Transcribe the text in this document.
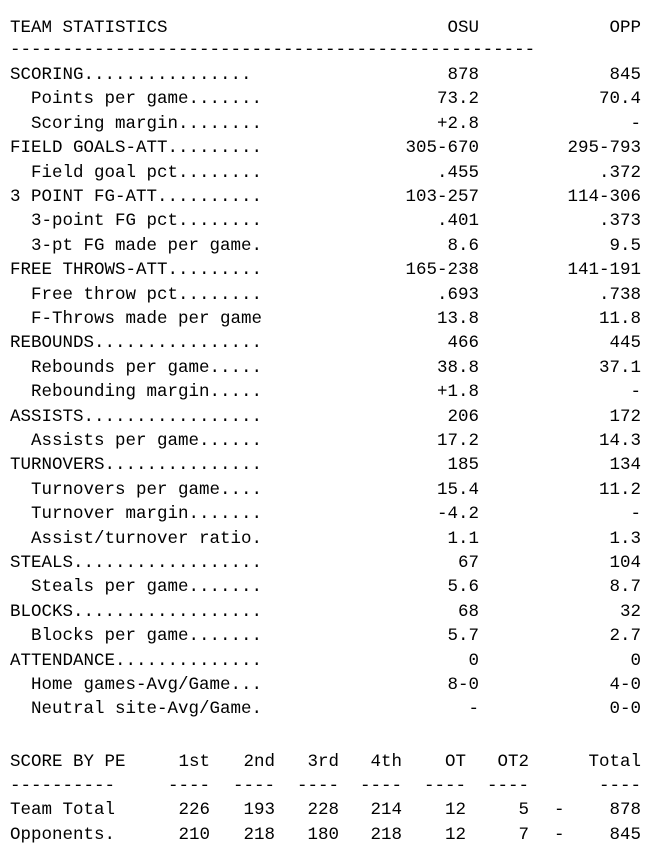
TEAM STATISTICS	OSU	OPP
--------------------------------------------------
SCORING................	878	845
Points per game.......	73.2	70.4
Scoring margin........	+2.8	-
FIELD GOALS-ATT.........	305-670	295-793
Field goal pct........	.455	.372
3 POINT FG-ATT..........	103-257	114-306
3-point FG pct........	.401	.373
3-pt FG made per game.	8.6	9.5
FREE THROWS-ATT.........	165-238	141-191
Free throw pct........	.693	.738
F-Throws made per game	13.8	11.8
REBOUNDS................	466	445
Rebounds per game.....	38.8	37.1
Rebounding margin.....	+1.8	-
ASSISTS.................	206	172
Assists per game......	17.2	14.3
TURNOVERS...............	185	134
Turnovers per game....	15.4	11.2
Turnover margin.......	-4.2	-
Assist/turnover ratio.	1.1	1.3
STEALS..................	67	104
Steals per game.......	5.6	8.7
BLOCKS..................	68	32
Blocks per game.......	5.7	2.7
ATTENDANCE..............	0	0
Home games-Avg/Game...	8-0	4-0
Neutral site-Avg/Game.	-	0-0
SCORE BY PE	1st 2nd 3rd 4th OT OT2	Total
----------	---- ---- ---- ---- ---- ----	----
Team Total	226 193 228 214 12	5 -	878
Opponents.	210 218 180 218 12	7 -	845
